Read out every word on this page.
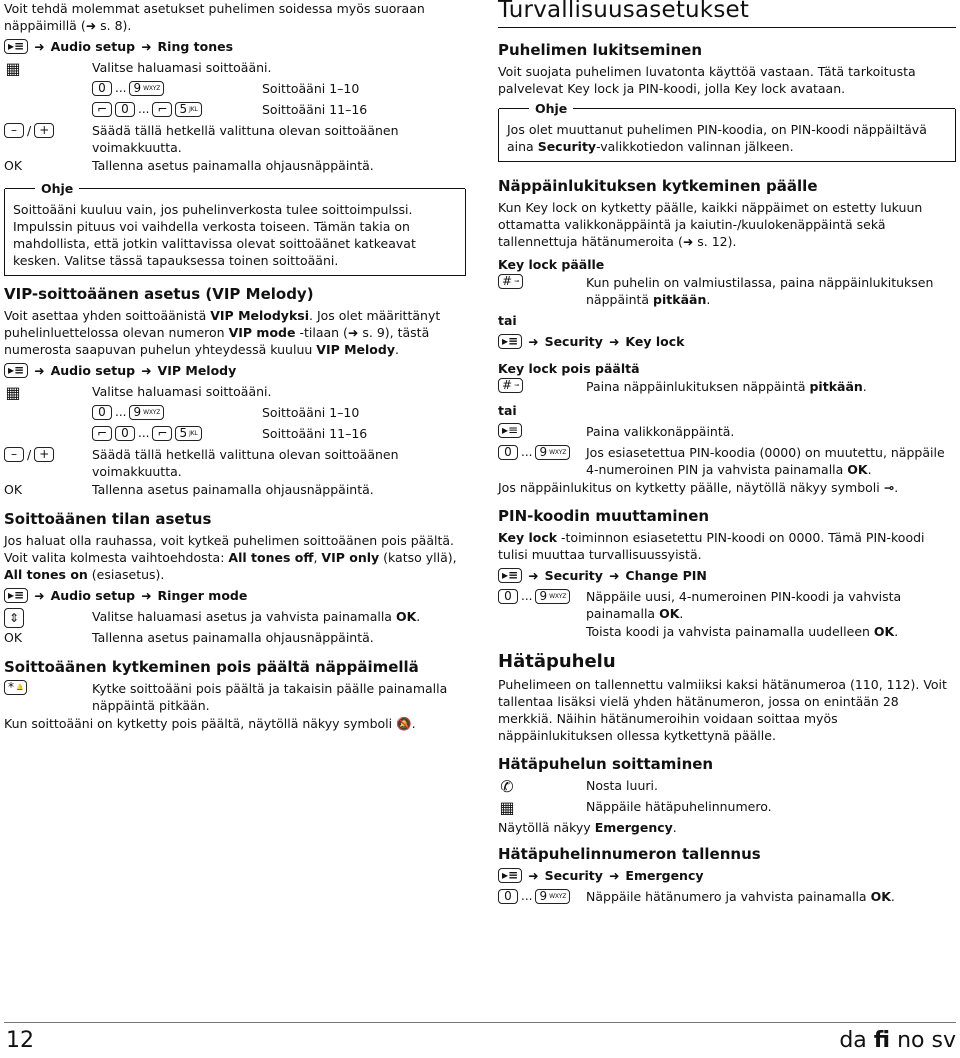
Voit tehdä molemmat asetukset puhelimen soidessa myös suoraan näppäimillä (➜ s. 8).

▸≡ ➜ Audio setup ➜ Ring tones
▦	Valitse haluamasi soittoääni.
0 ... 9 WXYZ	Soittoääni 1–10
⌐	0 ... ⌐ 5 JKL	Soittoääni 11–16
– / +	Säädä tällä hetkellä valittuna olevan soittoäänen voimakkuutta.
OK	Tallenna asetus painamalla ohjausnäppäintä.
Ohje
Soittoääni kuuluu vain, jos puhelinverkosta tulee soittoimpulssi. Impulssin pituus voi vaihdella verkosta toiseen. Tämän takia on mahdollista, että jotkin valittavissa olevat soittoäänet katkeavat kesken. Valitse tässä tapauksessa toinen soittoääni.
VIP-soittoäänen asetus (VIP Melody)

Voit asettaa yhden soittoäänistä VIP Melodyksi. Jos olet määrittänyt puhelinluettelossa olevan numeron VIP mode -tilaan (➜ s. 9), tästä numerosta saapuvan puhelun yhteydessä kuuluu VIP Melody.

▸≡ ➜ Audio setup ➜ VIP Melody
▦	Valitse haluamasi soittoääni.
0 ... 9 WXYZ	Soittoääni 1–10
⌐	0 ... ⌐ 5 JKL	Soittoääni 11–16
– / +	Säädä tällä hetkellä valittuna olevan soittoäänen voimakkuutta.
OK	Tallenna asetus painamalla ohjausnäppäintä.
Soittoäänen tilan asetus

Jos haluat olla rauhassa, voit kytkeä puhelimen soittoäänen pois päältä. Voit valita kolmesta vaihtoehdosta: All tones off, VIP only (katso yllä), All tones on (esiasetus).

▸≡ ➜ Audio setup ➜ Ringer mode
⇕	Valitse haluamasi asetus ja vahvista painamalla OK.
OK	Tallenna asetus painamalla ohjausnäppäintä.
Soittoäänen kytkeminen pois päältä näppäimellä
* 🔔	Kytke soittoääni pois päältä ja takaisin päälle painamalla näppäintä pitkään.

Kun soittoääni on kytketty pois päältä, näytöllä näkyy symboli 🔕.

Turvallisuusasetukset
Puhelimen lukitseminen

Voit suojata puhelimen luvatonta käyttöä vastaan. Tätä tarkoitusta palvelevat Key lock ja PIN-koodi, jolla Key lock avataan.

Ohje
Jos olet muuttanut puhelimen PIN-koodia, on PIN-koodi näppäiltävä aina Security-valikkotiedon valinnan jälkeen.
Näppäinlukituksen kytkeminen päälle

Kun Key lock on kytketty päälle, kaikki näppäimet on estetty lukuun ottamatta valikkonäppäintä ja kaiutin-/kuulokenäppäintä sekä tallennettuja hätänumeroita (➜ s. 12).

Key lock päälle
# ⊸	Kun puhelin on valmiustilassa, paina näppäinlukituksen näppäintä pitkään.
tai
▸≡ ➜ Security ➜ Key lock
Key lock pois päältä
# ⊸	Paina näppäinlukituksen näppäintä pitkään.
tai
▸≡	Paina valikkonäppäintä.
0 ... 9 WXYZ Jos esiasetettua PIN-koodia (0000) on muutettu, näppäile 4-numeroinen PIN ja vahvista painamalla OK.

Jos näppäinlukitus on kytketty päälle, näytöllä näkyy symboli ⊸.

PIN-koodin muuttaminen

Key lock -toiminnon esiasetettu PIN-koodi on 0000. Tämä PIN-koodi tulisi muuttaa turvallisuussyistä.

▸≡ ➜ Security ➜ Change PIN
0 ... 9 WXYZ Näppäile uusi, 4-numeroinen PIN-koodi ja vahvista painamalla OK.
Toista koodi ja vahvista painamalla uudelleen OK.
Hätäpuhelu

Puhelimeen on tallennettu valmiiksi kaksi hätänumeroa (110, 112). Voit tallentaa lisäksi vielä yhden hätänumeron, jossa on enintään 28 merkkiä. Näihin hätänumeroihin voidaan soittaa myös näppäinlukituksen ollessa kytkettynä päälle.

Hätäpuhelun soittaminen
✆	Nosta luuri.
▦	Näppäile hätäpuhelinnumero.

Näytöllä näkyy Emergency.

Hätäpuhelinnumeron tallennus
▸≡ ➜ Security ➜ Emergency
0 ... 9 WXYZ Näppäile hätänumero ja vahvista painamalla OK.
12	da fi no sv
